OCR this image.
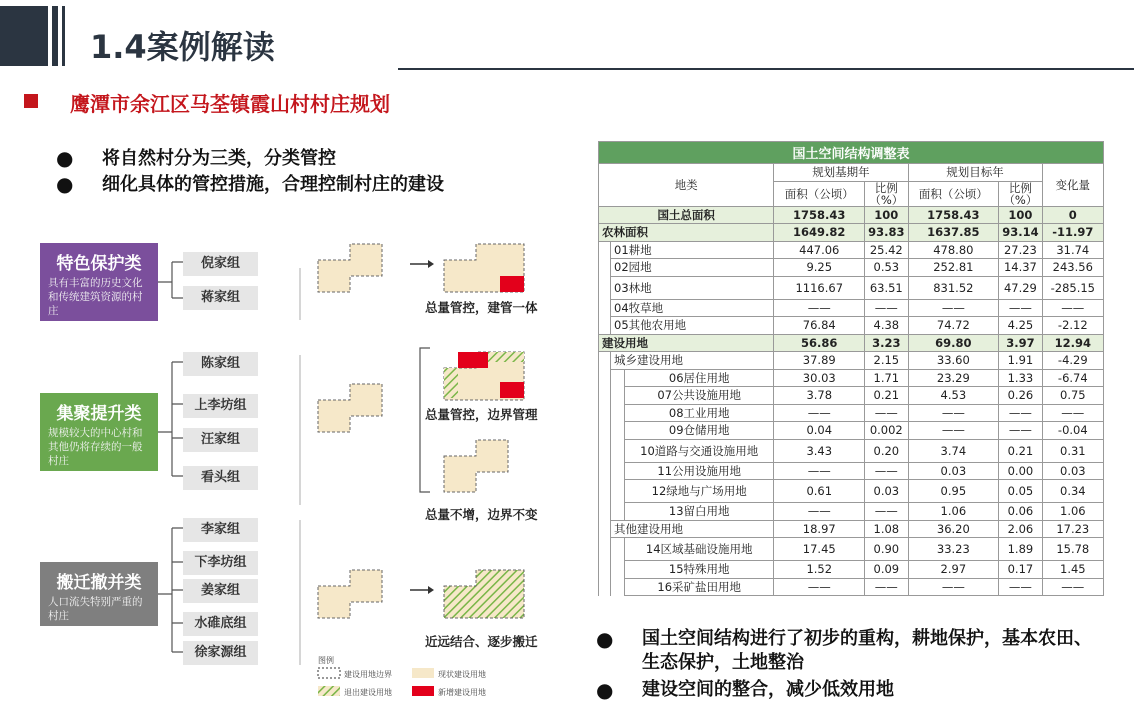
1.4案例解读
鹰潭市余江区马荃镇霞山村村庄规划
● 将自然村分为三类，分类管控
● 细化具体的管控措施，合理控制村庄的建设
特色保护类
具有丰富的历史文化和传统建筑资源的村庄
集聚提升类
规模较大的中心村和其他仍将存续的一般村庄
搬迁撤并类
人口流失特别严重的村庄
倪家组
蒋家组
陈家组
上李坊组
汪家组
看头组
李家组
下李坊组
姜家组
水碓底组
徐家源组
总量管控，建管一体
总量管控，边界管理
总量不增，边界不变
近远结合、逐步搬迁
图例
建设用地边界	现状建设用地
退出建设用地	新增建设用地
国土空间结构调整表							
地类			规划基期年		规划目标年		变化量
			面积（公顷）	比例（%）	面积（公顷）	比例（%）	
国土总面积			1758.43	100	1758.43	100	0
农林面积			1649.82	93.83	1637.85	93.14	-11.97
	01耕地		447.06	25.42	478.80	27.23	31.74
	02园地		9.25	0.53	252.81	14.37	243.56
	03林地		1116.67	63.51	831.52	47.29	-285.15
	04牧草地		——	——	——	——	——
	05其他农用地		76.84	4.38	74.72	4.25	-2.12
建设用地			56.86	3.23	69.80	3.97	12.94
	城乡建设用地		37.89	2.15	33.60	1.91	-4.29
		06居住用地	30.03	1.71	23.29	1.33	-6.74
		07公共设施用地	3.78	0.21	4.53	0.26	0.75
		08工业用地	——	——	——	——	——
		09仓储用地	0.04	0.002	——	——	-0.04
		10道路与交通设施用地	3.43	0.20	3.74	0.21	0.31
		11公用设施用地	——	——	0.03	0.00	0.03
		12绿地与广场用地	0.61	0.03	0.95	0.05	0.34
		13留白用地	——	——	1.06	0.06	1.06
	其他建设用地		18.97	1.08	36.20	2.06	17.23
		14区域基础设施用地	17.45	0.90	33.23	1.89	15.78
		15特殊用地	1.52	0.09	2.97	0.17	1.45
		16采矿盐田用地	——	——	——	——	——
● 国土空间结构进行了初步的重构，耕地保护，基本农田、生态保护，土地整治
● 建设空间的整合，减少低效用地
